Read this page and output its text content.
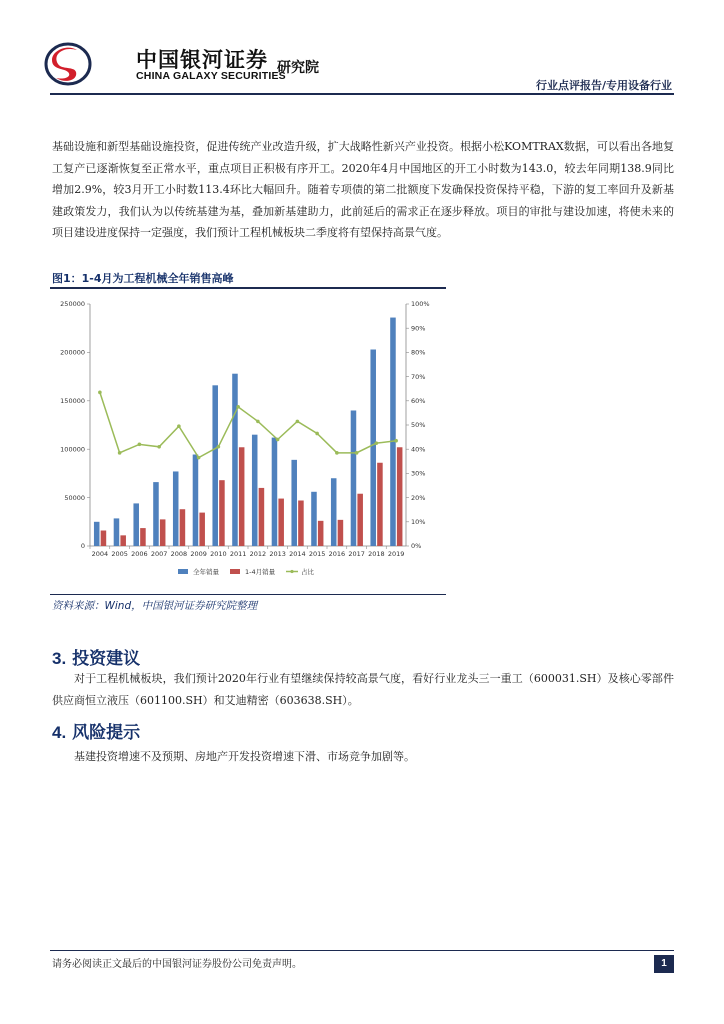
中国银河证券
CHINA GALAXY SECURITIES
研究院
行业点评报告/专用设备行业
基础设施和新型基础设施投资，促进传统产业改造升级，扩大战略性新兴产业投资。根据小松KOMTRAX数据，可以看出各地复工复产已逐渐恢复至正常水平，重点项目正积极有序开工。2020年4月中国地区的开工小时数为143.0，较去年同期138.9同比增加2.9%，较3月开工小时数113.4环比大幅回升。随着专项债的第二批额度下发确保投资保持平稳，下游的复工率回升及新基建政策发力，我们认为以传统基建为基，叠加新基建助力，此前延后的需求正在逐步释放。项目的审批与建设加速，将使未来的项目建设进度保持一定强度，我们预计工程机械板块二季度将有望保持高景气度。
图1：1-4月为工程机械全年销售高峰
0
50000
100000
150000
200000
250000
0%
10%
20%
30%
40%
50%
60%
70%
80%
90%
100%
2004 2005 2006 2007 2008 2009 2010 2011 2012 2013 2014 2015 2016 2017 2018 2019
全年销量	1-4月销量	占比
资料来源：Wind，中国银河证券研究院整理
3. 投资建议
对于工程机械板块，我们预计2020年行业有望继续保持较高景气度，看好行业龙头三一重工（600031.SH）及核心零部件供应商恒立液压（601100.SH）和艾迪精密（603638.SH）。
4. 风险提示
基建投资增速不及预期、房地产开发投资增速下滑、市场竞争加剧等。
请务必阅读正文最后的中国银河证券股份公司免责声明。	1
